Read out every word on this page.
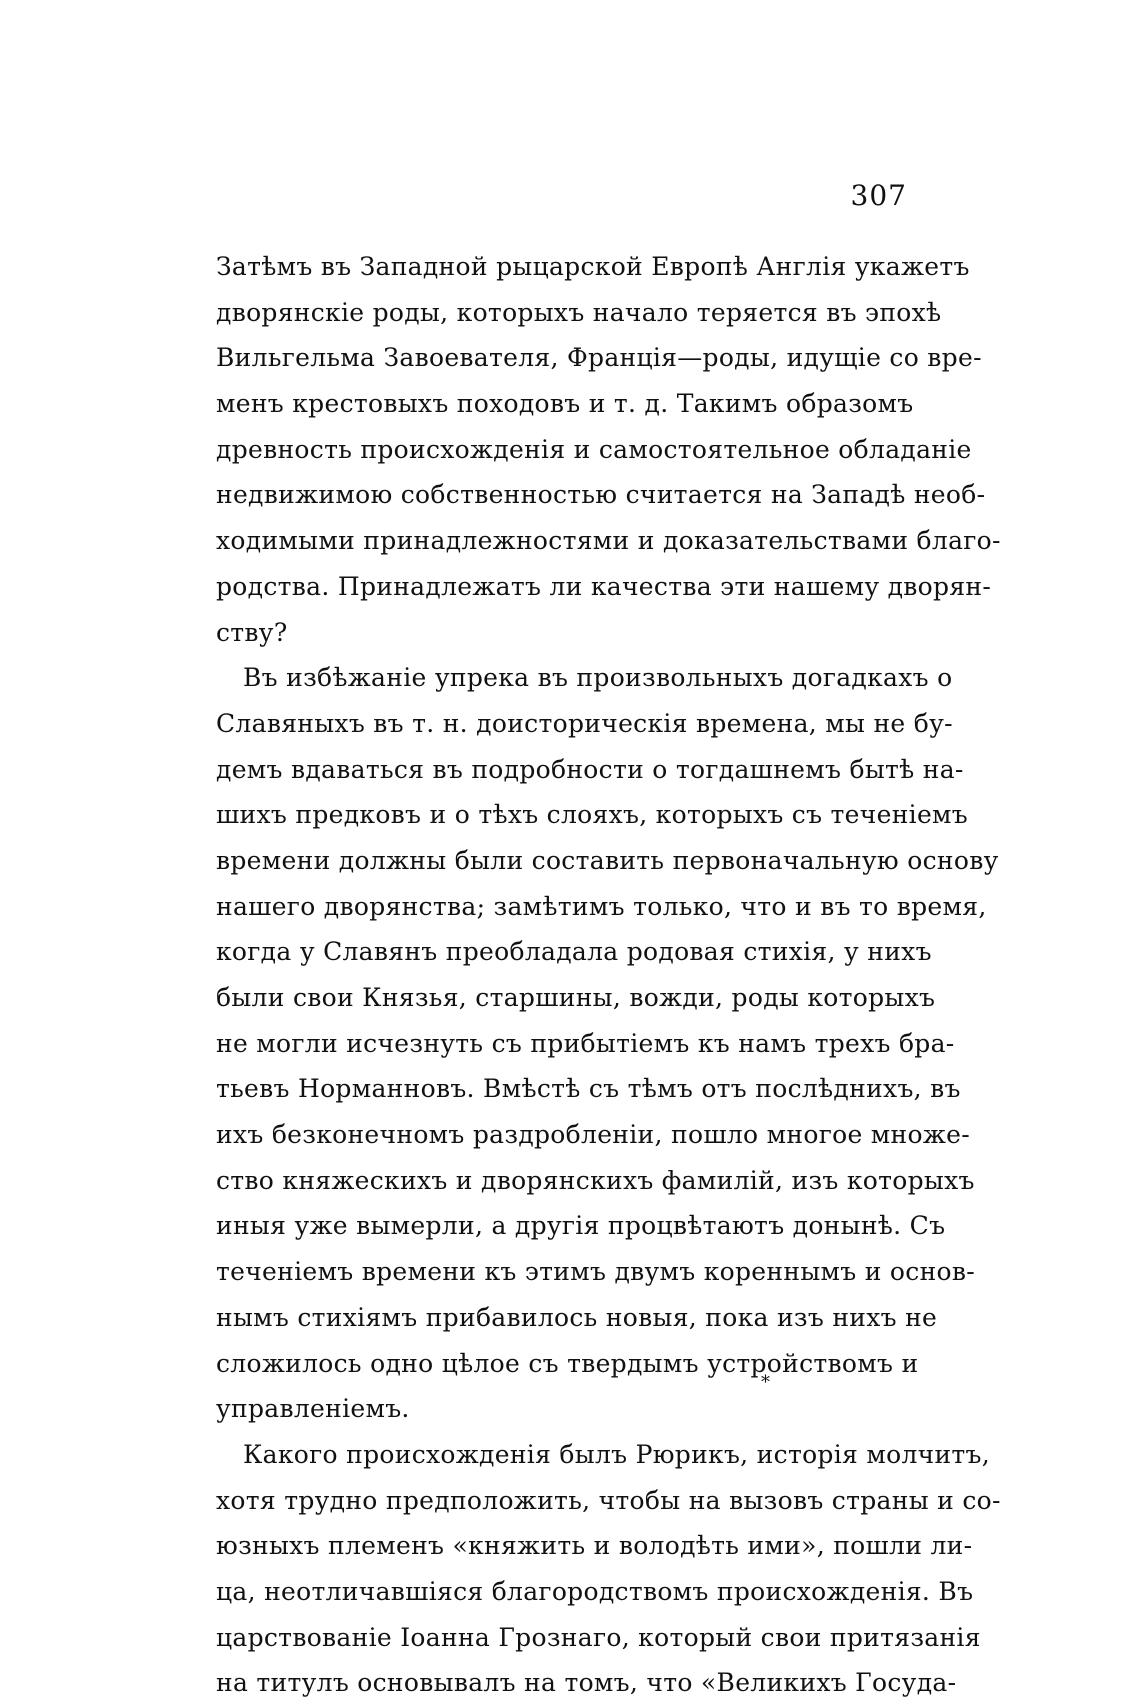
307
Затѣмъ въ Западной рыцарской Европѣ Англія укажетъ
дворянскіе роды, которыхъ начало теряется въ эпохѣ
Вильгельма Завоевателя, Франція—роды, идущіе со вре-
менъ крестовыхъ походовъ и т. д. Такимъ образомъ
древность происхожденія и самостоятельное обладаніе
недвижимою собственностью считается на Западѣ необ-
ходимыми принадлежностями и доказательствами благо-
родства. Принадлежатъ ли качества эти нашему дворян-
ству?
Въ избѣжаніе упрека въ произвольныхъ догадкахъ о
Славяныхъ въ т. н. доисторическія времена, мы не бу-
демъ вдаваться въ подробности о тогдашнемъ бытѣ на-
шихъ предковъ и о тѣхъ слояхъ, которыхъ съ теченіемъ
времени должны были составить первоначальную основу
нашего дворянства; замѣтимъ только, что и въ то время,
когда у Славянъ преобладала родовая стихія, у нихъ
были свои Князья, старшины, вожди, роды которыхъ
не могли исчезнуть съ прибытіемъ къ намъ трехъ бра-
тьевъ Норманновъ. Вмѣстѣ съ тѣмъ отъ послѣднихъ, въ
ихъ безконечномъ раздробленіи, пошло многое множе-
ство княжескихъ и дворянскихъ фамилій, изъ которыхъ
иныя уже вымерли, а другія процвѣтаютъ донынѣ. Съ
теченіемъ времени къ этимъ двумъ кореннымъ и основ-
нымъ стихіямъ прибавилось новыя, пока изъ нихъ не
сложилось одно цѣлое съ твердымъ устройствомъ и
управленіемъ.
Какого происхожденія былъ Рюрикъ, исторія молчитъ,
хотя трудно предположить, чтобы на вызовъ страны и со-
юзныхъ племенъ «княжить и володѣть ими», пошли ли-
ца, неотличавшіяся благородствомъ происхожденія. Въ
царствованіе Іоанна Грознаго, который свои притязанія
на титулъ основывалъ на томъ, что «Великихъ Госуда-
*
